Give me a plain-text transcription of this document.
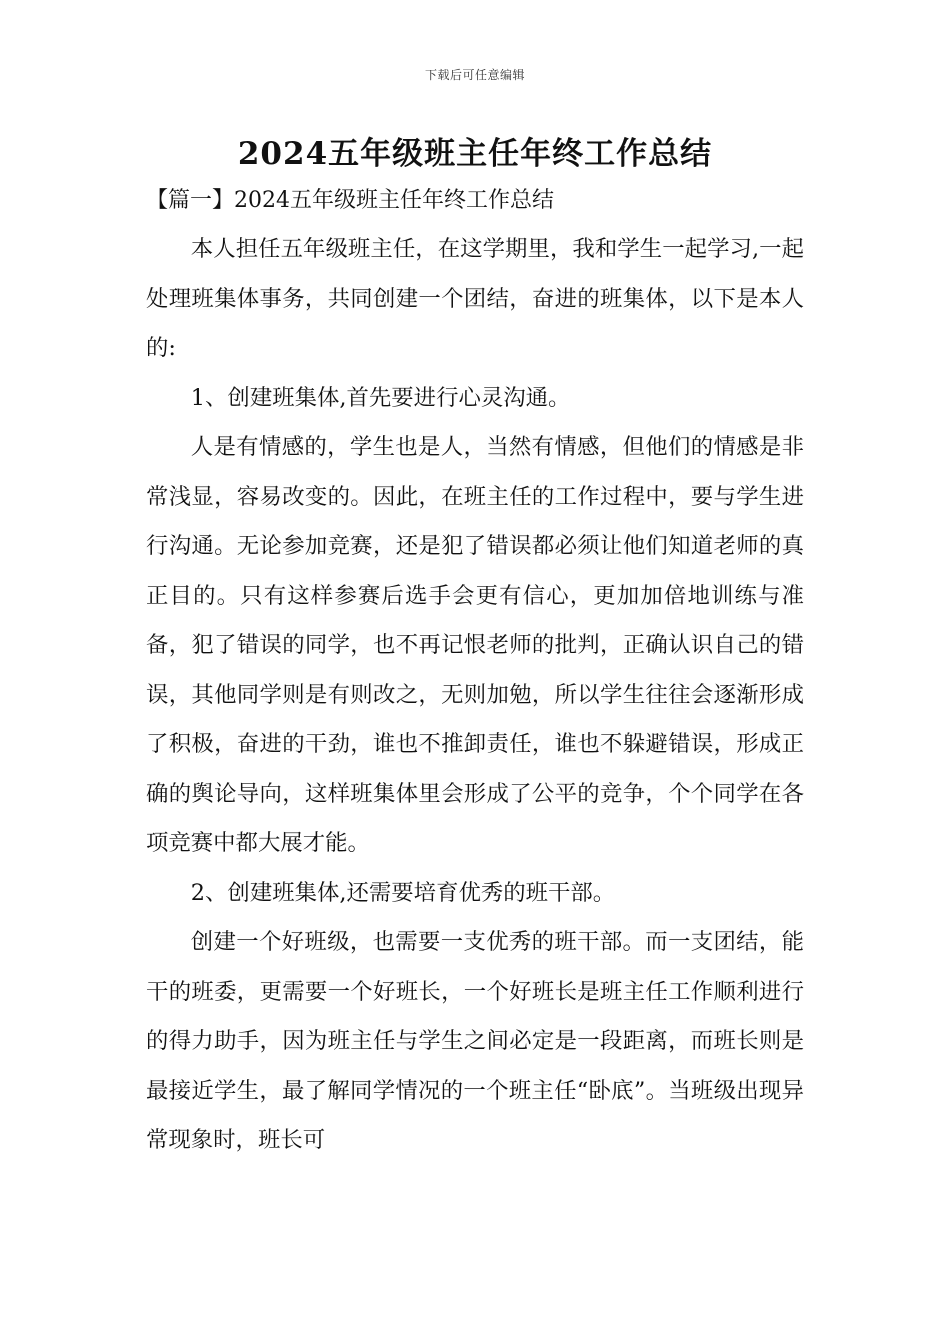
下载后可任意编辑
2024五年级班主任年终工作总结
【篇一】2024五年级班主任年终工作总结

本人担任五年级班主任，在这学期里，我和学生一起学习,一起处理班集体事务，共同创建一个团结，奋进的班集体，以下是本人的:

1、创建班集体,首先要进行心灵沟通。

人是有情感的，学生也是人，当然有情感，但他们的情感是非常浅显，容易改变的。因此，在班主任的工作过程中，要与学生进行沟通。无论参加竞赛，还是犯了错误都必须让他们知道老师的真正目的。只有这样参赛后选手会更有信心，更加加倍地训练与准备，犯了错误的同学，也不再记恨老师的批判，正确认识自己的错误，其他同学则是有则改之，无则加勉，所以学生往往会逐渐形成了积极，奋进的干劲，谁也不推卸责任，谁也不躲避错误，形成正确的舆论导向，这样班集体里会形成了公平的竞争，个个同学在各项竞赛中都大展才能。

2、创建班集体,还需要培育优秀的班干部。

创建一个好班级，也需要一支优秀的班干部。而一支团结，能干的班委，更需要一个好班长，一个好班长是班主任工作顺利进行的得力助手，因为班主任与学生之间必定是一段距离，而班长则是最接近学生，最了解同学情况的一个班主任“卧底”。当班级出现异常现象时，班长可
